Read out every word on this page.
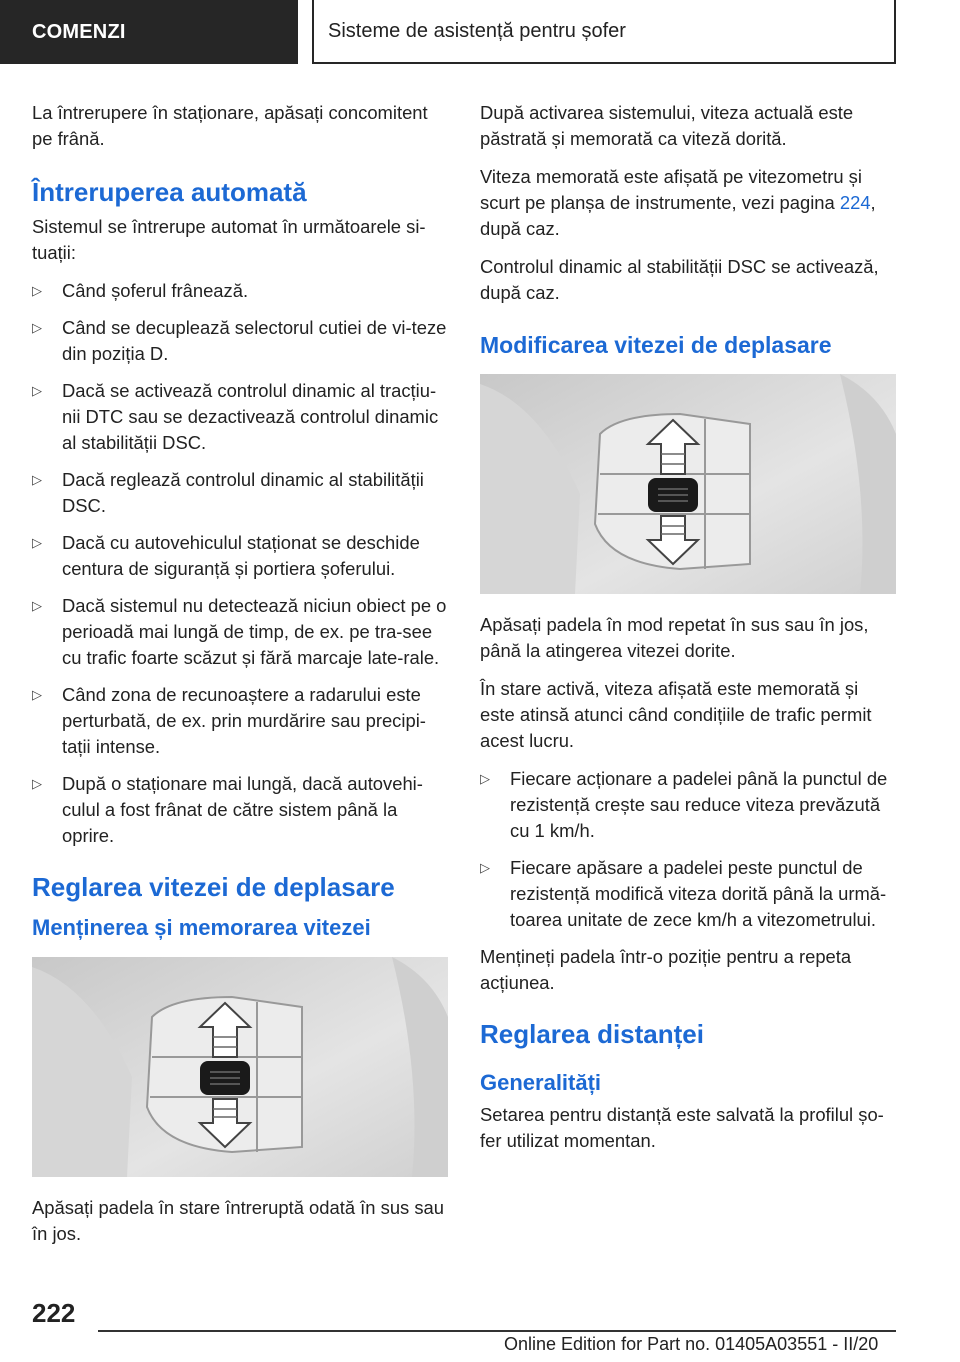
COMENZI	Sisteme de asistență pentru șofer

La întrerupere în staționare, apăsați concomitent pe frână.

Întreruperea automată

Sistemul se întrerupe automat în următoarele si-tuații:

▷ Când șoferul frânează.
▷ Când se decuplează selectorul cutiei de vi-teze din poziția D.
▷ Dacă se activează controlul dinamic al tracțiu-nii DTC sau se dezactivează controlul dinamic al stabilității DSC.
▷ Dacă reglează controlul dinamic al stabilității DSC.
▷ Dacă cu autovehiculul staționat se deschide centura de siguranță și portiera șoferului.
▷ Dacă sistemul nu detectează niciun obiect pe o perioadă mai lungă de timp, de ex. pe tra-see cu trafic foarte scăzut și fără marcaje late-rale.
▷ Când zona de recunoaștere a radarului este perturbată, de ex. prin murdărire sau precipi-tații intense.
▷ După o staționare mai lungă, dacă autovehi-culul a fost frânat de către sistem până la oprire.
Reglarea vitezei de deplasare
Menținerea și memorarea vitezei

Apăsați padela în stare întreruptă odată în sus sau în jos.

După activarea sistemului, viteza actuală este păstrată și memorată ca viteză dorită.

Viteza memorată este afișată pe vitezometru și scurt pe planșa de instrumente, vezi pagina 224, după caz.

Controlul dinamic al stabilității DSC se activează, după caz.

Modificarea vitezei de deplasare

Apăsați padela în mod repetat în sus sau în jos, până la atingerea vitezei dorite.

În stare activă, viteza afișată este memorată și este atinsă atunci când condițiile de trafic permit acest lucru.

▷ Fiecare acționare a padelei până la punctul de rezistență crește sau reduce viteza prevăzută cu 1 km/h.
▷ Fiecare apăsare a padelei peste punctul de rezistență modifică viteza dorită până la urmă-toarea unitate de zece km/h a vitezometrului.

Mențineți padela într-o poziție pentru a repeta acțiunea.

Reglarea distanței
Generalități

Setarea pentru distanță este salvată la profilul șo-fer utilizat momentan.

222
Online Edition for Part no. 01405A03551 - II/20
